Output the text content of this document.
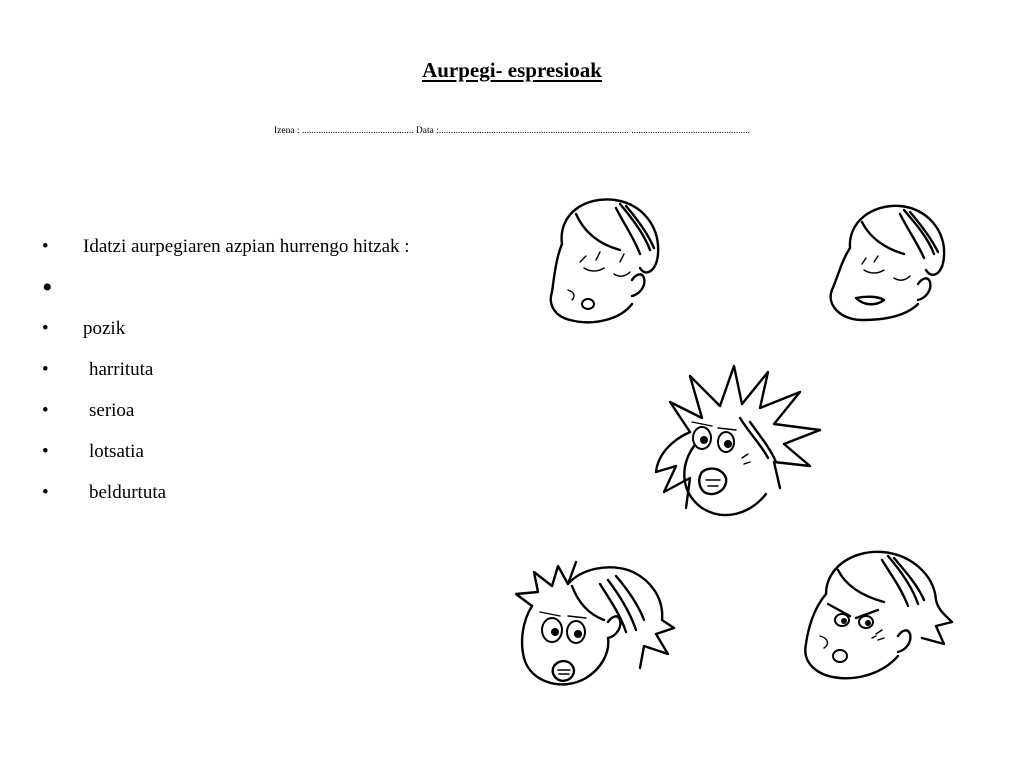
Aurpegi- espresioak
Izena : ............................................... Data :................................................................................ ..................................................
•	Idatzi aurpegiaren azpian hurrengo hitzak :
•
•	pozik
•	harrituta
•	serioa
•	lotsatia
•	beldurtuta
